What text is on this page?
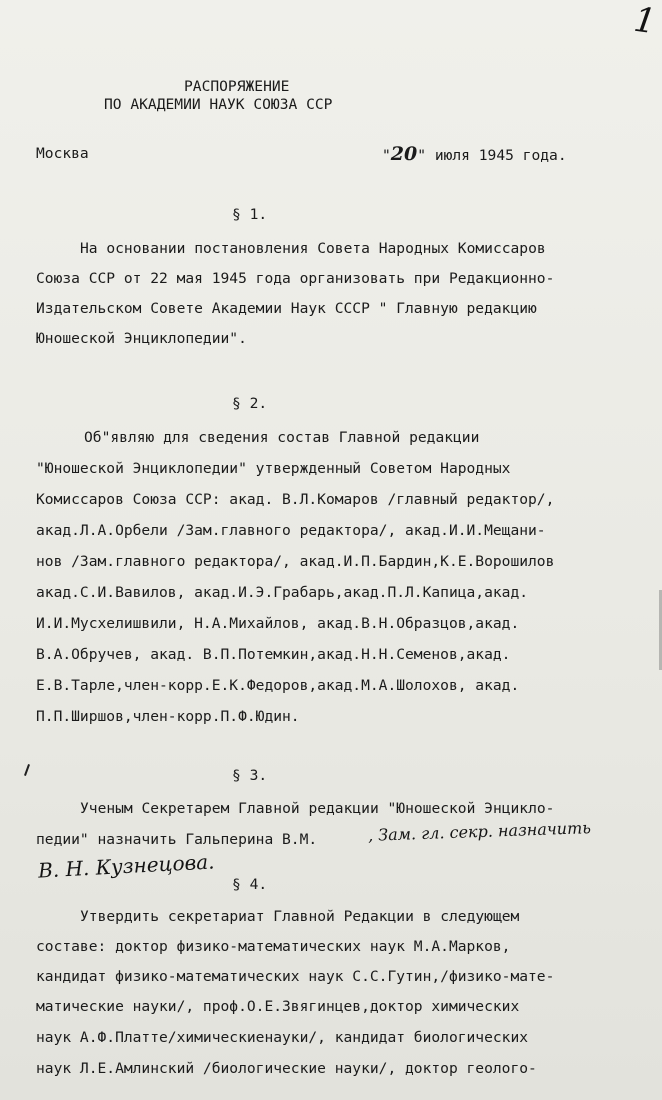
1
РАСПОРЯЖЕНИЕ
ПО АКАДЕМИИ НАУК СОЮЗА ССР
Москва	"20" июля 1945 года.
§ 1.
На основании постановления Совета Народных Комиссаров
Союза ССР от 22 мая 1945 года организовать при Редакционно-
Издательском Совете Академии Наук СССР " Главную редакцию
Юношеской Энциклопедии".
§ 2.
Об"являю для сведения состав Главной редакции
"Юношеской Энциклопедии" утвержденный Советом Народных
Комиссаров Союза ССР: акад. В.Л.Комаров /главный редактор/,
акад.Л.А.Орбели /Зам.главного редактора/, акад.И.И.Мещани-
нов /Зам.главного редактора/, акад.И.П.Бардин,К.Е.Ворошилов
акад.С.И.Вавилов, акад.И.Э.Грабарь,акад.П.Л.Капица,акад.
И.И.Мусхелишвили, Н.А.Михайлов, акад.В.Н.Образцов,акад.
В.А.Обручев, акад. В.П.Потемкин,акад.Н.Н.Семенов,акад.
Е.В.Тарле,член-корр.Е.К.Федоров,акад.М.А.Шолохов, акад.
П.П.Ширшов,член-корр.П.Ф.Юдин.
§ 3.
Ученым Секретарем Главной редакции "Юношеской Энцикло-
педии" назначить Гальперина В.М.	, Зам. гл. секр. назначить
В. Н. Кузнецова.
§ 4.
Утвердить секретариат Главной Редакции в следующем
составе: доктор физико-математических наук М.А.Марков,
кандидат физико-математических наук С.С.Гутин,/физико-мате-
матические науки/, проф.О.Е.Звягинцев,доктор химических
наук А.Ф.Платте/химическиенауки/, кандидат биологических
наук Л.Е.Амлинский /биологические науки/, доктор геолого-
